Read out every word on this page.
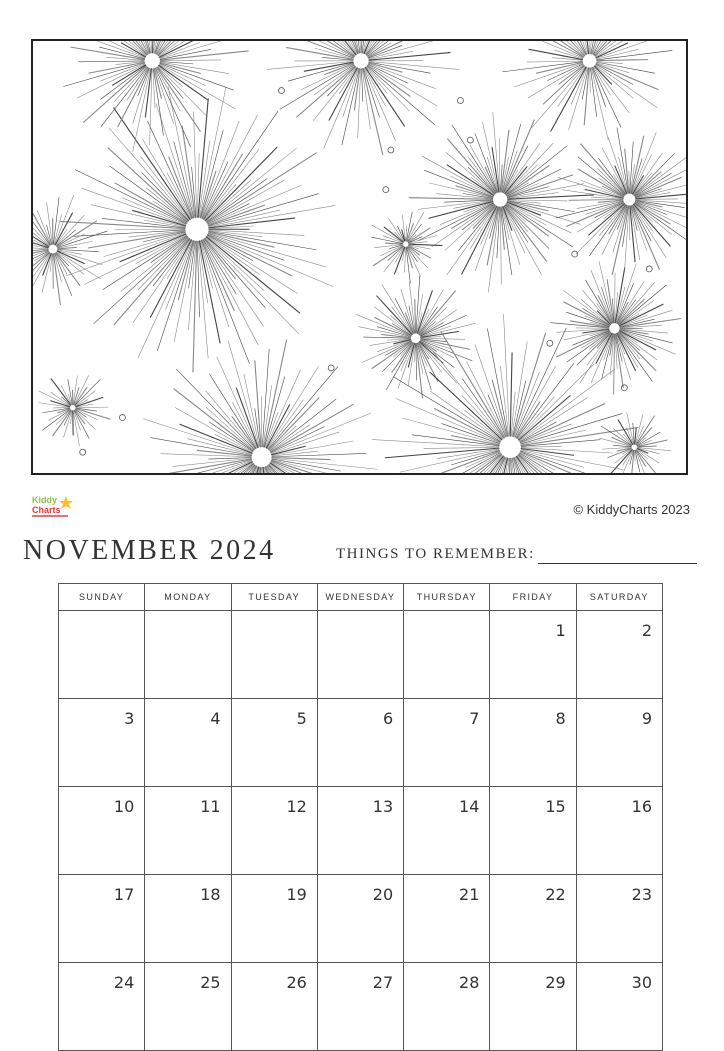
Kiddy
Charts	© KiddyCharts 2023
NOVEMBER 2024	THINGS TO REMEMBER:
SUNDAY	MONDAY	TUESDAY	WEDNESDAY	THURSDAY	FRIDAY	SATURDAY
					1	2
3	4	5	6	7	8	9
10	11	12	13	14	15	16
17	18	19	20	21	22	23
24	25	26	27	28	29	30
